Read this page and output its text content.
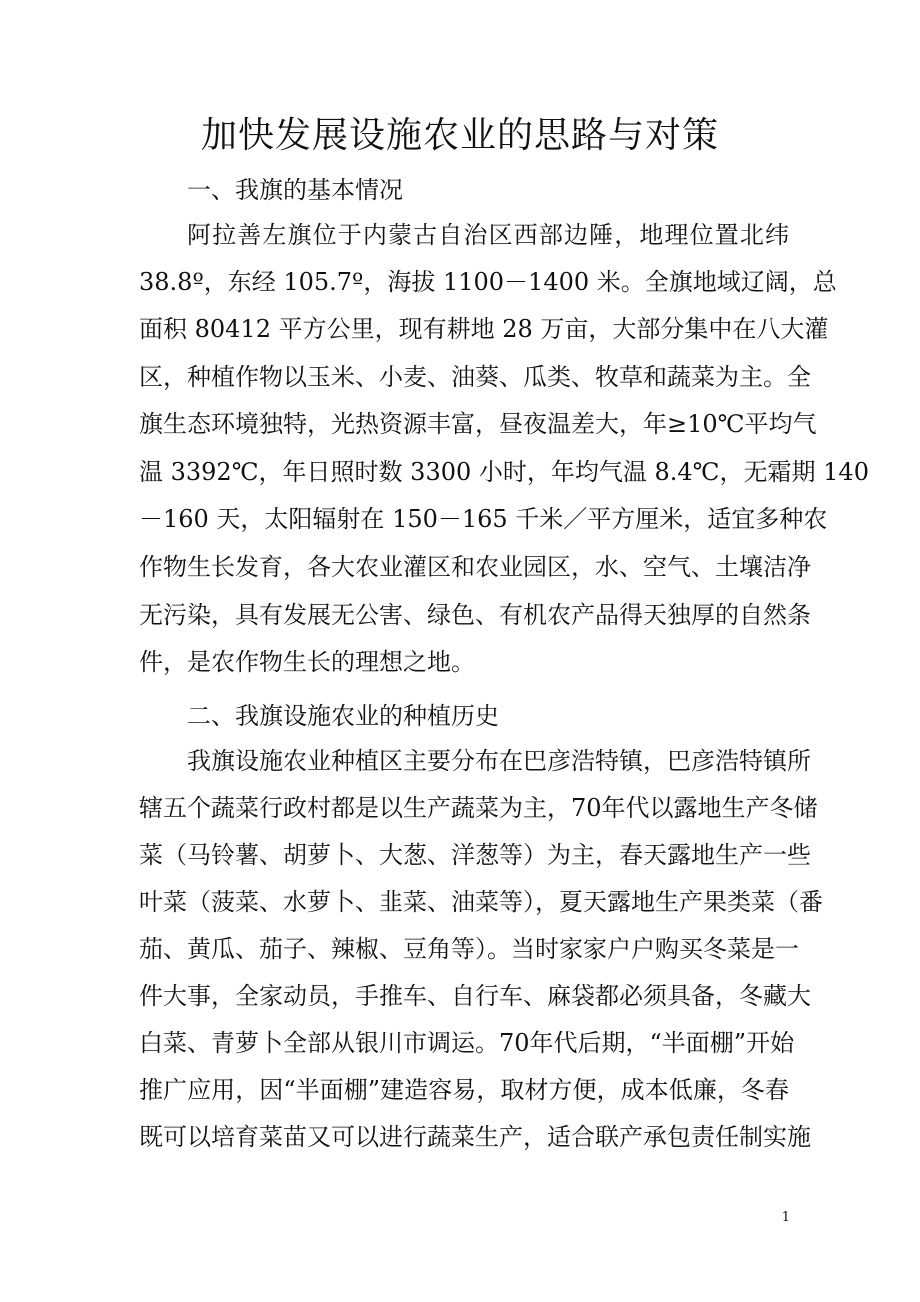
加快发展设施农业的思路与对策
一、我旗的基本情况
阿拉善左旗位于内蒙古自治区西部边陲，地理位置北纬
38.8º，东经 105.7º，海拔 1100－1400 米。全旗地域辽阔，总
面积 80412 平方公里，现有耕地 28 万亩，大部分集中在八大灌
区，种植作物以玉米、小麦、油葵、瓜类、牧草和蔬菜为主。全
旗生态环境独特，光热资源丰富，昼夜温差大，年≥10℃平均气
温 3392℃，年日照时数 3300 小时，年均气温 8.4℃，无霜期 140
－160 天，太阳辐射在 150－165 千米／平方厘米，适宜多种农
作物生长发育，各大农业灌区和农业园区，水、空气、土壤洁净
无污染，具有发展无公害、绿色、有机农产品得天独厚的自然条
件，是农作物生长的理想之地。
二、我旗设施农业的种植历史
我旗设施农业种植区主要分布在巴彦浩特镇，巴彦浩特镇所
辖五个蔬菜行政村都是以生产蔬菜为主，70年代以露地生产冬储
菜（马铃薯、胡萝卜、大葱、洋葱等）为主，春天露地生产一些
叶菜（菠菜、水萝卜、韭菜、油菜等），夏天露地生产果类菜（番
茄、黄瓜、茄子、辣椒、豆角等）。当时家家户户购买冬菜是一
件大事，全家动员，手推车、自行车、麻袋都必须具备，冬藏大
白菜、青萝卜全部从银川市调运。70年代后期，“半面棚”开始
推广应用，因“半面棚”建造容易，取材方便，成本低廉，冬春
既可以培育菜苗又可以进行蔬菜生产，适合联产承包责任制实施
1
